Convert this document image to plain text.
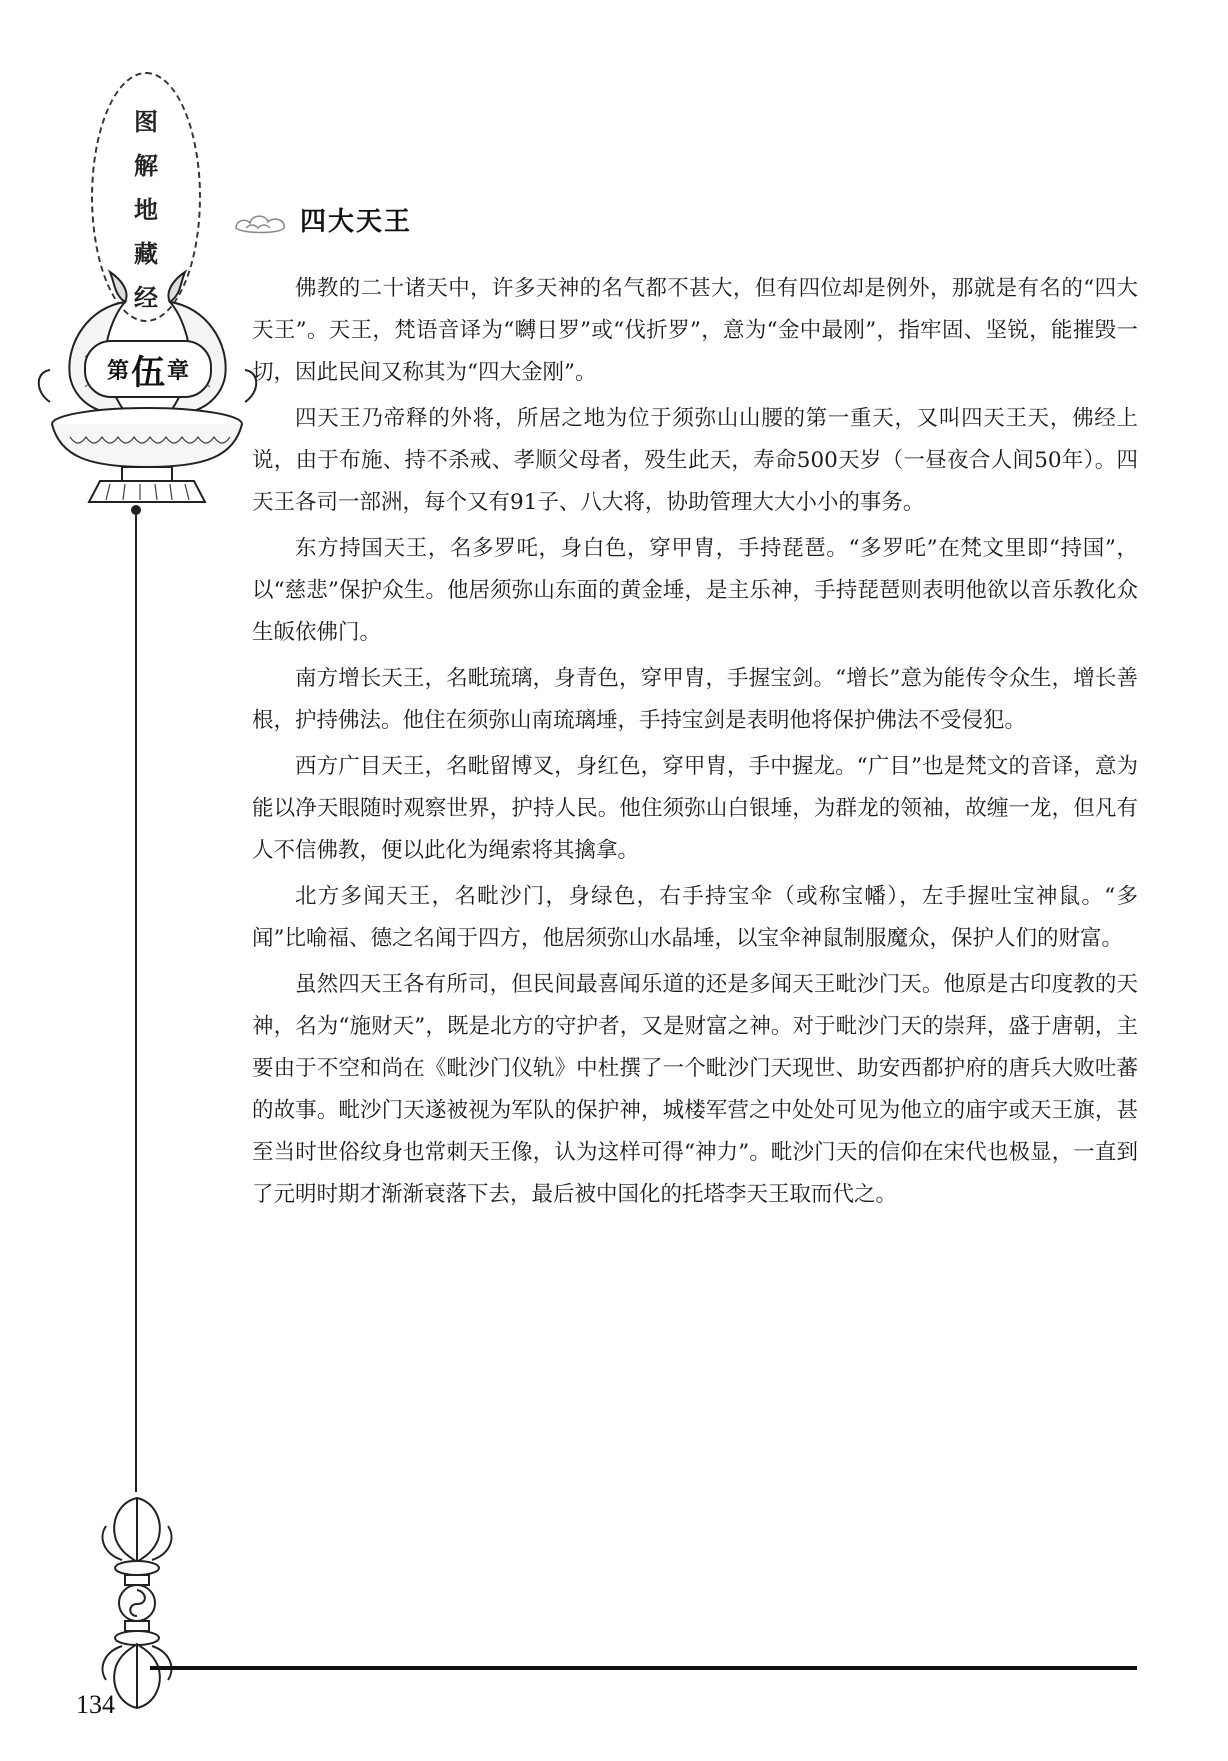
图
解
地
藏
经
第 伍 章
四大天王

佛教的二十诸天中，许多天神的名气都不甚大，但有四位却是例外，那就是有名的“四大天王”。天王，梵语音译为“嚩日罗”或“伐折罗”，意为“金中最刚”，指牢固、坚锐，能摧毁一切，因此民间又称其为“四大金刚”。

四天王乃帝释的外将，所居之地为位于须弥山山腰的第一重天，又叫四天王天，佛经上说，由于布施、持不杀戒、孝顺父母者，殁生此天，寿命500天岁（一昼夜合人间50年）。四天王各司一部洲，每个又有91子、八大将，协助管理大大小小的事务。

东方持国天王，名多罗吒，身白色，穿甲胄，手持琵琶。“多罗吒”在梵文里即“持国”，以“慈悲”保护众生。他居须弥山东面的黄金埵，是主乐神，手持琵琶则表明他欲以音乐教化众生皈依佛门。

南方增长天王，名毗琉璃，身青色，穿甲胄，手握宝剑。“增长”意为能传令众生，增长善根，护持佛法。他住在须弥山南琉璃埵，手持宝剑是表明他将保护佛法不受侵犯。

西方广目天王，名毗留博叉，身红色，穿甲胄，手中握龙。“广目”也是梵文的音译，意为能以净天眼随时观察世界，护持人民。他住须弥山白银埵，为群龙的领袖，故缠一龙，但凡有人不信佛教，便以此化为绳索将其擒拿。

北方多闻天王，名毗沙门，身绿色，右手持宝伞（或称宝幡），左手握吐宝神鼠。“多闻”比喻福、德之名闻于四方，他居须弥山水晶埵，以宝伞神鼠制服魔众，保护人们的财富。

虽然四天王各有所司，但民间最喜闻乐道的还是多闻天王毗沙门天。他原是古印度教的天神，名为“施财天”，既是北方的守护者，又是财富之神。对于毗沙门天的崇拜，盛于唐朝，主要由于不空和尚在《毗沙门仪轨》中杜撰了一个毗沙门天现世、助安西都护府的唐兵大败吐蕃的故事。毗沙门天遂被视为军队的保护神，城楼军营之中处处可见为他立的庙宇或天王旗，甚至当时世俗纹身也常刺天王像，认为这样可得“神力”。毗沙门天的信仰在宋代也极显，一直到了元明时期才渐渐衰落下去，最后被中国化的托塔李天王取而代之。

134
